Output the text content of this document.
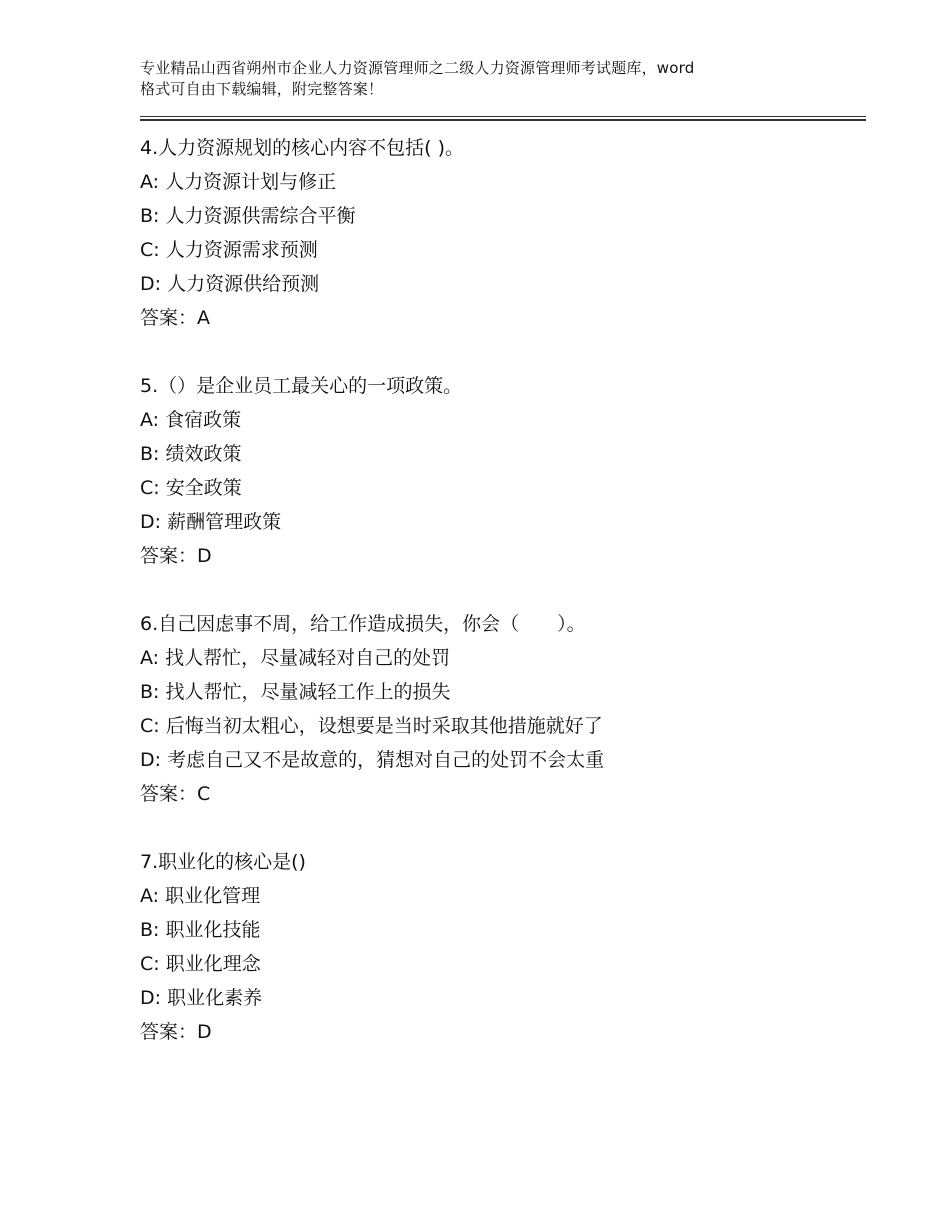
专业精品山西省朔州市企业人力资源管理师之二级人力资源管理师考试题库，word
格式可自由下载编辑，附完整答案！
4.人力资源规划的核心内容不包括( )。
A: 人力资源计划与修正
B: 人力资源供需综合平衡
C: 人力资源需求预测
D: 人力资源供给预测
答案：A
5.（）是企业员工最关心的一项政策。
A: 食宿政策
B: 绩效政策
C: 安全政策
D: 薪酬管理政策
答案：D
6.自己因虑事不周，给工作造成损失，你会（　　）。
A: 找人帮忙，尽量减轻对自己的处罚
B: 找人帮忙，尽量减轻工作上的损失
C: 后悔当初太粗心，设想要是当时采取其他措施就好了
D: 考虑自己又不是故意的，猜想对自己的处罚不会太重
答案：C
7.职业化的核心是()
A: 职业化管理
B: 职业化技能
C: 职业化理念
D: 职业化素养
答案：D
